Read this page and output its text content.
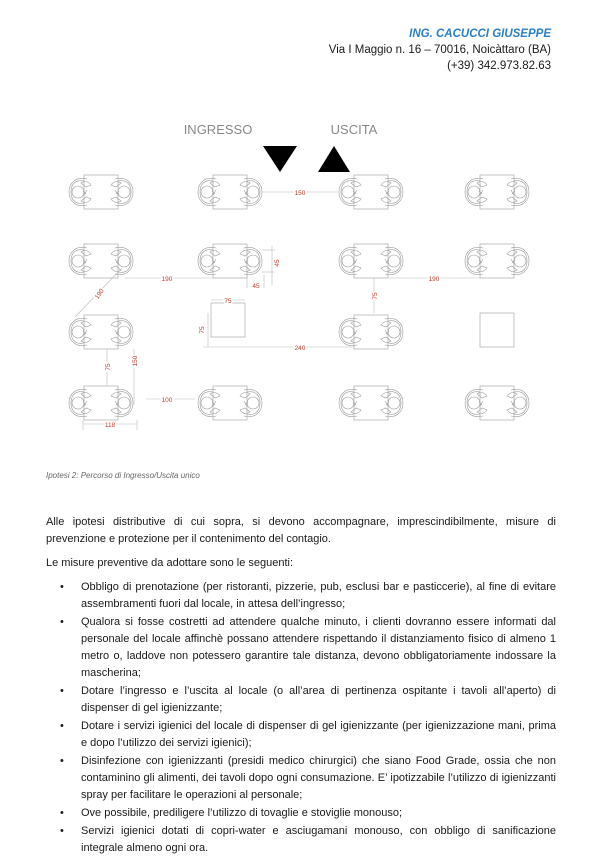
ING. CACUCCI GIUSEPPE
Via I Maggio n. 16 – 70016, Noicàttaro (BA)
(+39) 342.973.82.63
INGRESSO	USCITA
150
190	190
190
45
45
75
75
240
75
75
150
100
118
Ipotesi 2: Percorso di Ingresso/Uscita unico

Alle ipotesi distributive di cui sopra, si devono accompagnare, imprescindibilmente, misure di prevenzione e protezione per il contenimento del contagio.

Le misure preventive da adottare sono le seguenti:

• Obbligo di prenotazione (per ristoranti, pizzerie, pub, esclusi bar e pasticcerie), al fine di evitare assembramenti fuori dal locale, in attesa dell’ingresso;
• Qualora si fosse costretti ad attendere qualche minuto, i clienti dovranno essere informati dal personale del locale affinchè possano attendere rispettando il distanziamento fisico di almeno 1 metro o, laddove non potessero garantire tale distanza, devono obbligatoriamente indossare la mascherina;
• Dotare l’ingresso e l’uscita al locale (o all’area di pertinenza ospitante i tavoli all’aperto) di dispenser di gel igienizzante;
• Dotare i servizi igienici del locale di dispenser di gel igienizzante (per igienizzazione mani, prima e dopo l’utilizzo dei servizi igienici);
• Disinfezione con igienizzanti (presidi medico chirurgici) che siano Food Grade, ossia che non contaminino gli alimenti, dei tavoli dopo ogni consumazione. E’ ipotizzabile l’utilizzo di igienizzanti spray per facilitare le operazioni al personale;
• Ove possibile, prediligere l’utilizzo di tovaglie e stoviglie monouso;
• Servizi igienici dotati di copri-water e asciugamani monouso, con obbligo di sanificazione integrale almeno ogni ora.
